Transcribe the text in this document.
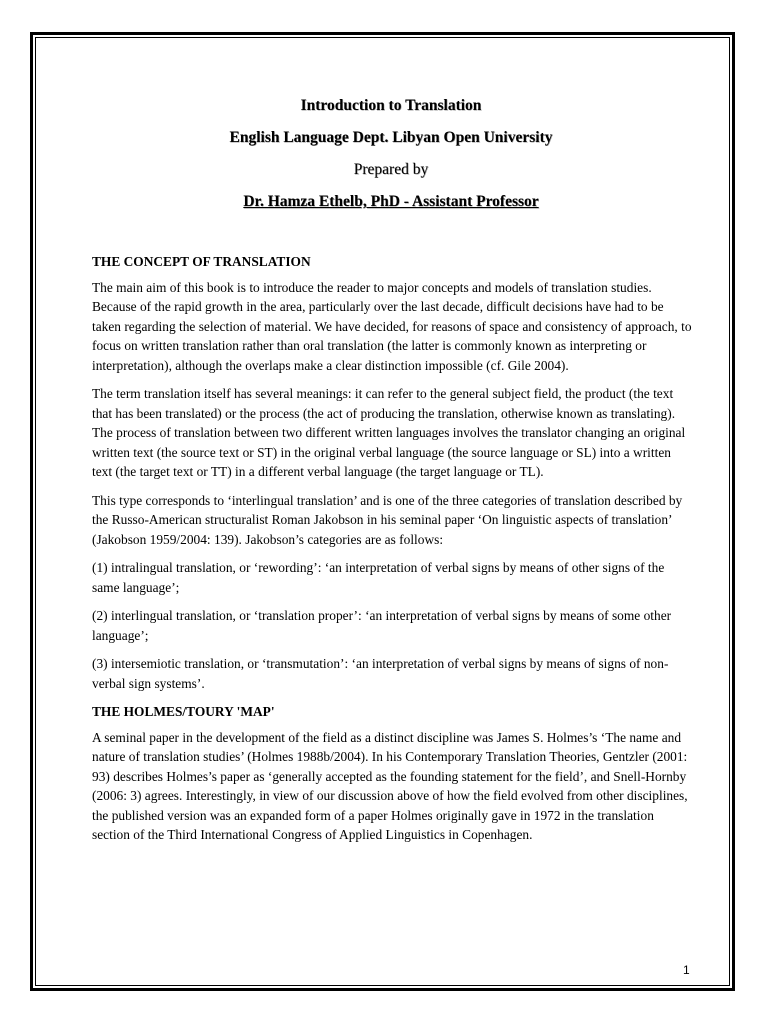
Introduction to Translation

English Language Dept. Libyan Open University

Prepared by

Dr. Hamza Ethelb, PhD - Assistant Professor

THE CONCEPT OF TRANSLATION

The main aim of this book is to introduce the reader to major concepts and models of translation studies. Because of the rapid growth in the area, particularly over the last decade, difficult decisions have had to be taken regarding the selection of material. We have decided, for reasons of space and consistency of approach, to focus on written translation rather than oral translation (the latter is commonly known as interpreting or interpretation), although the overlaps make a clear distinction impossible (cf. Gile 2004).

The term translation itself has several meanings: it can refer to the general subject field, the product (the text that has been translated) or the process (the act of producing the translation, otherwise known as translating). The process of translation between two different written languages involves the translator changing an original written text (the source text or ST) in the original verbal language (the source language or SL) into a written text (the target text or TT) in a different verbal language (the target language or TL).

This type corresponds to ‘interlingual translation’ and is one of the three categories of translation described by the Russo-American structuralist Roman Jakobson in his seminal paper ‘On linguistic aspects of translation’ (Jakobson 1959/2004: 139). Jakobson’s categories are as follows:

(1) intralingual translation, or ‘rewording’: ‘an interpretation of verbal signs by means of other signs of the same language’;

(2) interlingual translation, or ‘translation proper’: ‘an interpretation of verbal signs by means of some other language’;

(3) intersemiotic translation, or ‘transmutation’: ‘an interpretation of verbal signs by means of signs of non-verbal sign systems’.

THE HOLMES/TOURY 'MAP'

A seminal paper in the development of the field as a distinct discipline was James S. Holmes’s ‘The name and nature of translation studies’ (Holmes 1988b/2004). In his Contemporary Translation Theories, Gentzler (2001: 93) describes Holmes’s paper as ‘generally accepted as the founding statement for the field’, and Snell-Hornby (2006: 3) agrees. Interestingly, in view of our discussion above of how the field evolved from other disciplines, the published version was an expanded form of a paper Holmes originally gave in 1972 in the translation section of the Third International Congress of Applied Linguistics in Copenhagen.

1
